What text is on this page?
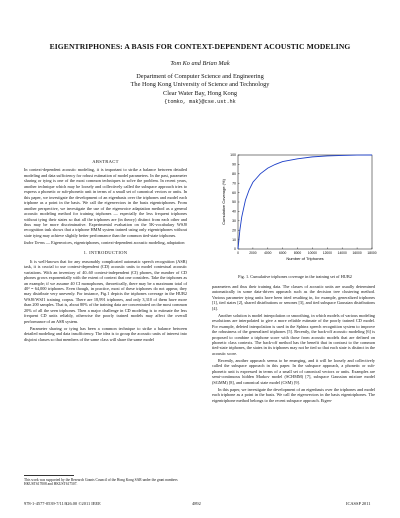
EIGENTRIPHONES: A BASIS FOR CONTEXT-DEPENDENT ACOUSTIC MODELING
Tom Ko and Brian Mak
Department of Computer Science and Engineering
The Hong Kong University of Science and Technology
Clear Water Bay, Hong Kong
{tomko, mak}@cse.ust.hk
ABSTRACT

In context-dependent acoustic modeling, it is important to strike a balance between detailed modeling and data sufficiency for robust estimation of model parameters. In the past, parameter sharing or tying is one of the most common techniques to solve the problem. In recent years, another technique which may be loosely and collectively called the subspace approach tries to express a phonetic or sub-phonetic unit in terms of a small set of canonical vectors or units. In this paper, we investigate the development of an eigenbasis over the triphones and model each triphone as a point in the basis. We call the eigenvectors in the basis eigentriphones. From another perspective, we investigate the use of the eigenvoice adaptation method as a general acoustic modeling method for training triphones — especially the less frequent triphones without tying their states so that all the triphones are (in theory) distinct from each other and thus may be more discriminative. Experimental evaluation on the 5K-vocabulary WSJ0 recognition task shows that a triphone HMM system trained using only eigentriphones without state tying may achieve slightly better performance than the common tied-state triphones.

Index Terms — Eigenvoices, eigentriphones, context-dependent acoustic modeling, adaptation

1. INTRODUCTION

It is well-known that for any reasonably complicated automatic speech recognition (ASR) task, it is crucial to use context-dependent (CD) acoustic units to model contextual acoustic variations. With an inventory of 40–60 context-independent (CI) phones, the number of CD phones grows exponentially with the extent of context that one considers. Take the triphones as an example; if we assume 40 CI monophones, theoretically, there may be a maximum total of 40³ = 64,000 triphones. Even though, in practice, most of these triphones do not appear, they may distribute very unevenly. For instance, Fig.1 depicts the triphones coverage in the HUB2 WSJ0/WSJ1 training corpus. There are 18,991 triphones, and only 3,310 of them have more than 200 samples. That is, about 80% of the training data are concentrated on the most common 20% of all the seen triphones. Then a major challenge in CD modeling is to estimate the less frequent CD units reliably, otherwise the poorly trained models may affect the overall performance of an ASR system.

Parameter sharing or tying has been a common technique to strike a balance between detailed modeling and data insufficiency. The idea is to group the acoustic units of interest into disjoint classes so that members of the same class will share the same model

This work was supported by the Research Grants Council of the Hong Kong SAR under the grant numbers HKUST617008 and HKUST617507.
0	2000 4000 6000 8000 10000 12000 14000 16000 18000
0
10
20
30
40
50
60
70
80
90
100
Number of Triphones
Cumulative Coverage (%)
Fig. 1. Cumulative triphones coverage in the training set of HUB2

parameters and thus their training data. The classes of acoustic units are usually determined automatically in some data-driven approach such as the decision tree clustering method. Various parameter tying units have been tried resulting in, for example, generalized triphones [1], tied states [2], shared distributions or senones [3], and tied subspace Gaussian distributions [4].

Another solution is model interpolation or smoothing, in which models of various modeling resolutions are interpolated to give a more reliable estimate of the poorly trained CD model. For example, deleted interpolation is used in the Sphinx speech recognition system to improve the robustness of the generalized triphones [5]. Recently, the back-off acoustic modeling [6] is proposed to combine a triphone score with those from acoustic models that are defined on phonetic class contexts. The back-off method has the benefit that in contrast to the common tied-state triphones, the states in its triphones may not be tied so that each state is distinct in the acoustic score.

Recently, another approach seems to be emerging, and it will be loosely and collectively called the subspace approach in this paper. In the subspace approach, a phonetic or sub-phonetic unit is expressed in terms of a small set of canonical vectors or units. Examples are semi-continuous hidden Markov model (SCHMM) [7], subspace Gaussian mixture model (SGMM) [8], and canonical state model (CSM) [9].

In this paper, we investigate the development of an eigenbasis over the triphones and model each triphone as a point in the basis. We call the eigenvectors in the basis eigentriphones. The eigentriphone method belongs to the recent subspace approach. Eigen-

978-1-4577-0539-7/11/$26.00 ©2011 IEEE	4892	ICASSP 2011
